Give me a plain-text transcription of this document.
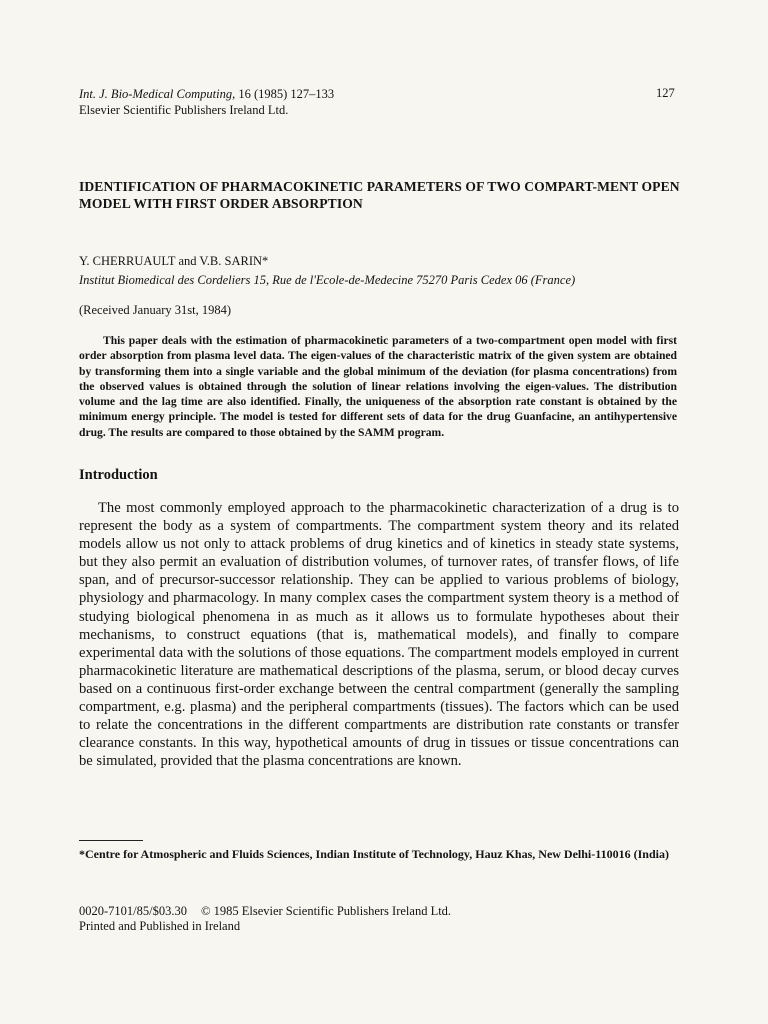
Int. J. Bio-Medical Computing, 16 (1985) 127–133
Elsevier Scientific Publishers Ireland Ltd.
127
IDENTIFICATION OF PHARMACOKINETIC PARAMETERS OF TWO COMPART-MENT OPEN MODEL WITH FIRST ORDER ABSORPTION
Y. CHERRUAULT and V.B. SARIN*
Institut Biomedical des Cordeliers 15, Rue de l'Ecole-de-Medecine 75270 Paris Cedex 06 (France)
(Received January 31st, 1984)

This paper deals with the estimation of pharmacokinetic parameters of a two-compartment open model with first order absorption from plasma level data. The eigen-values of the characteristic matrix of the given system are obtained by transforming them into a single variable and the global minimum of the deviation (for plasma concentrations) from the observed values is obtained through the solution of linear relations involving the eigen-values. The distribution volume and the lag time are also identified. Finally, the uniqueness of the absorption rate constant is obtained by the minimum energy principle. The model is tested for different sets of data for the drug Guanfacine, an antihypertensive drug. The results are compared to those obtained by the SAMM program.

Introduction

The most commonly employed approach to the pharmacokinetic characterization of a drug is to represent the body as a system of compartments. The compartment system theory and its related models allow us not only to attack problems of drug kinetics and of kinetics in steady state systems, but they also permit an evaluation of distribution volumes, of turnover rates, of transfer flows, of life span, and of precursor-successor relationship. They can be applied to various problems of biology, physiology and pharmacology. In many complex cases the compartment system theory is a method of studying biological phenomena in as much as it allows us to formulate hypotheses about their mechanisms, to construct equations (that is, mathematical models), and finally to compare experimental data with the solutions of those equations. The compartment models employed in current pharmacokinetic literature are mathematical descriptions of the plasma, serum, or blood decay curves based on a continuous first-order exchange between the central compartment (generally the sampling compartment, e.g. plasma) and the peripheral compartments (tissues). The factors which can be used to relate the concentrations in the different compartments are distribution rate constants or transfer clearance constants. In this way, hypothetical amounts of drug in tissues or tissue concentrations can be simulated, provided that the plasma concentrations are known.

*Centre for Atmospheric and Fluids Sciences, Indian Institute of Technology, Hauz Khas, New Delhi-110016 (India)

0020-7101/85/$03.30 © 1985 Elsevier Scientific Publishers Ireland Ltd.
Printed and Published in Ireland
